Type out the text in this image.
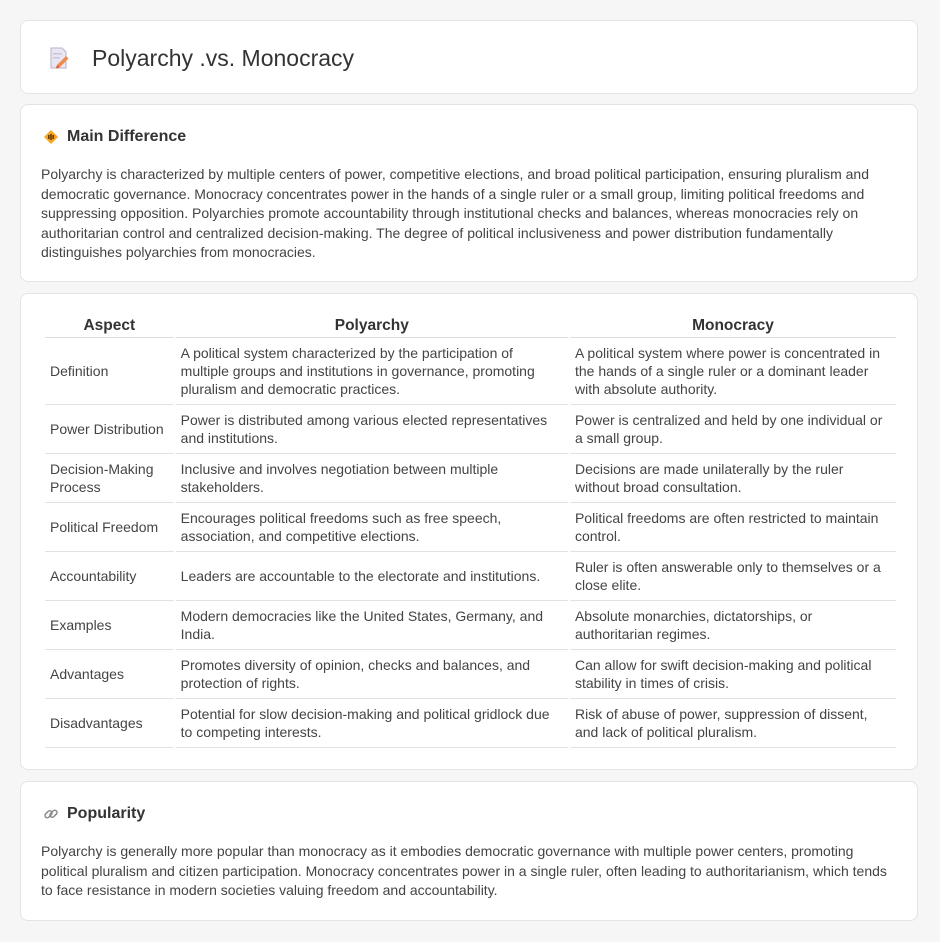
Polyarchy .vs. Monocracy
Main Difference

Polyarchy is characterized by multiple centers of power, competitive elections, and broad political participation, ensuring pluralism and democratic governance. Monocracy concentrates power in the hands of a single ruler or a small group, limiting political freedoms and suppressing opposition. Polyarchies promote accountability through institutional checks and balances, whereas monocracies rely on authoritarian control and centralized decision-making. The degree of political inclusiveness and power distribution fundamentally distinguishes polyarchies from monocracies.

Aspect	Polyarchy	Monocracy
Definition	A political system characterized by the participation of multiple groups and institutions in governance, promoting pluralism and democratic practices.	A political system where power is concentrated in the hands of a single ruler or a dominant leader with absolute authority.
Power Distribution	Power is distributed among various elected representatives and institutions.	Power is centralized and held by one individual or a small group.
Decision-Making Process	Inclusive and involves negotiation between multiple stakeholders.	Decisions are made unilaterally by the ruler without broad consultation.
Political Freedom	Encourages political freedoms such as free speech, association, and competitive elections.	Political freedoms are often restricted to maintain control.
Accountability	Leaders are accountable to the electorate and institutions.	Ruler is often answerable only to themselves or a close elite.
Examples	Modern democracies like the United States, Germany, and India.	Absolute monarchies, dictatorships, or authoritarian regimes.
Advantages	Promotes diversity of opinion, checks and balances, and protection of rights.	Can allow for swift decision-making and political stability in times of crisis.
Disadvantages	Potential for slow decision-making and political gridlock due to competing interests.	Risk of abuse of power, suppression of dissent, and lack of political pluralism.
Popularity

Polyarchy is generally more popular than monocracy as it embodies democratic governance with multiple power centers, promoting political pluralism and citizen participation. Monocracy concentrates power in a single ruler, often leading to authoritarianism, which tends to face resistance in modern societies valuing freedom and accountability.
